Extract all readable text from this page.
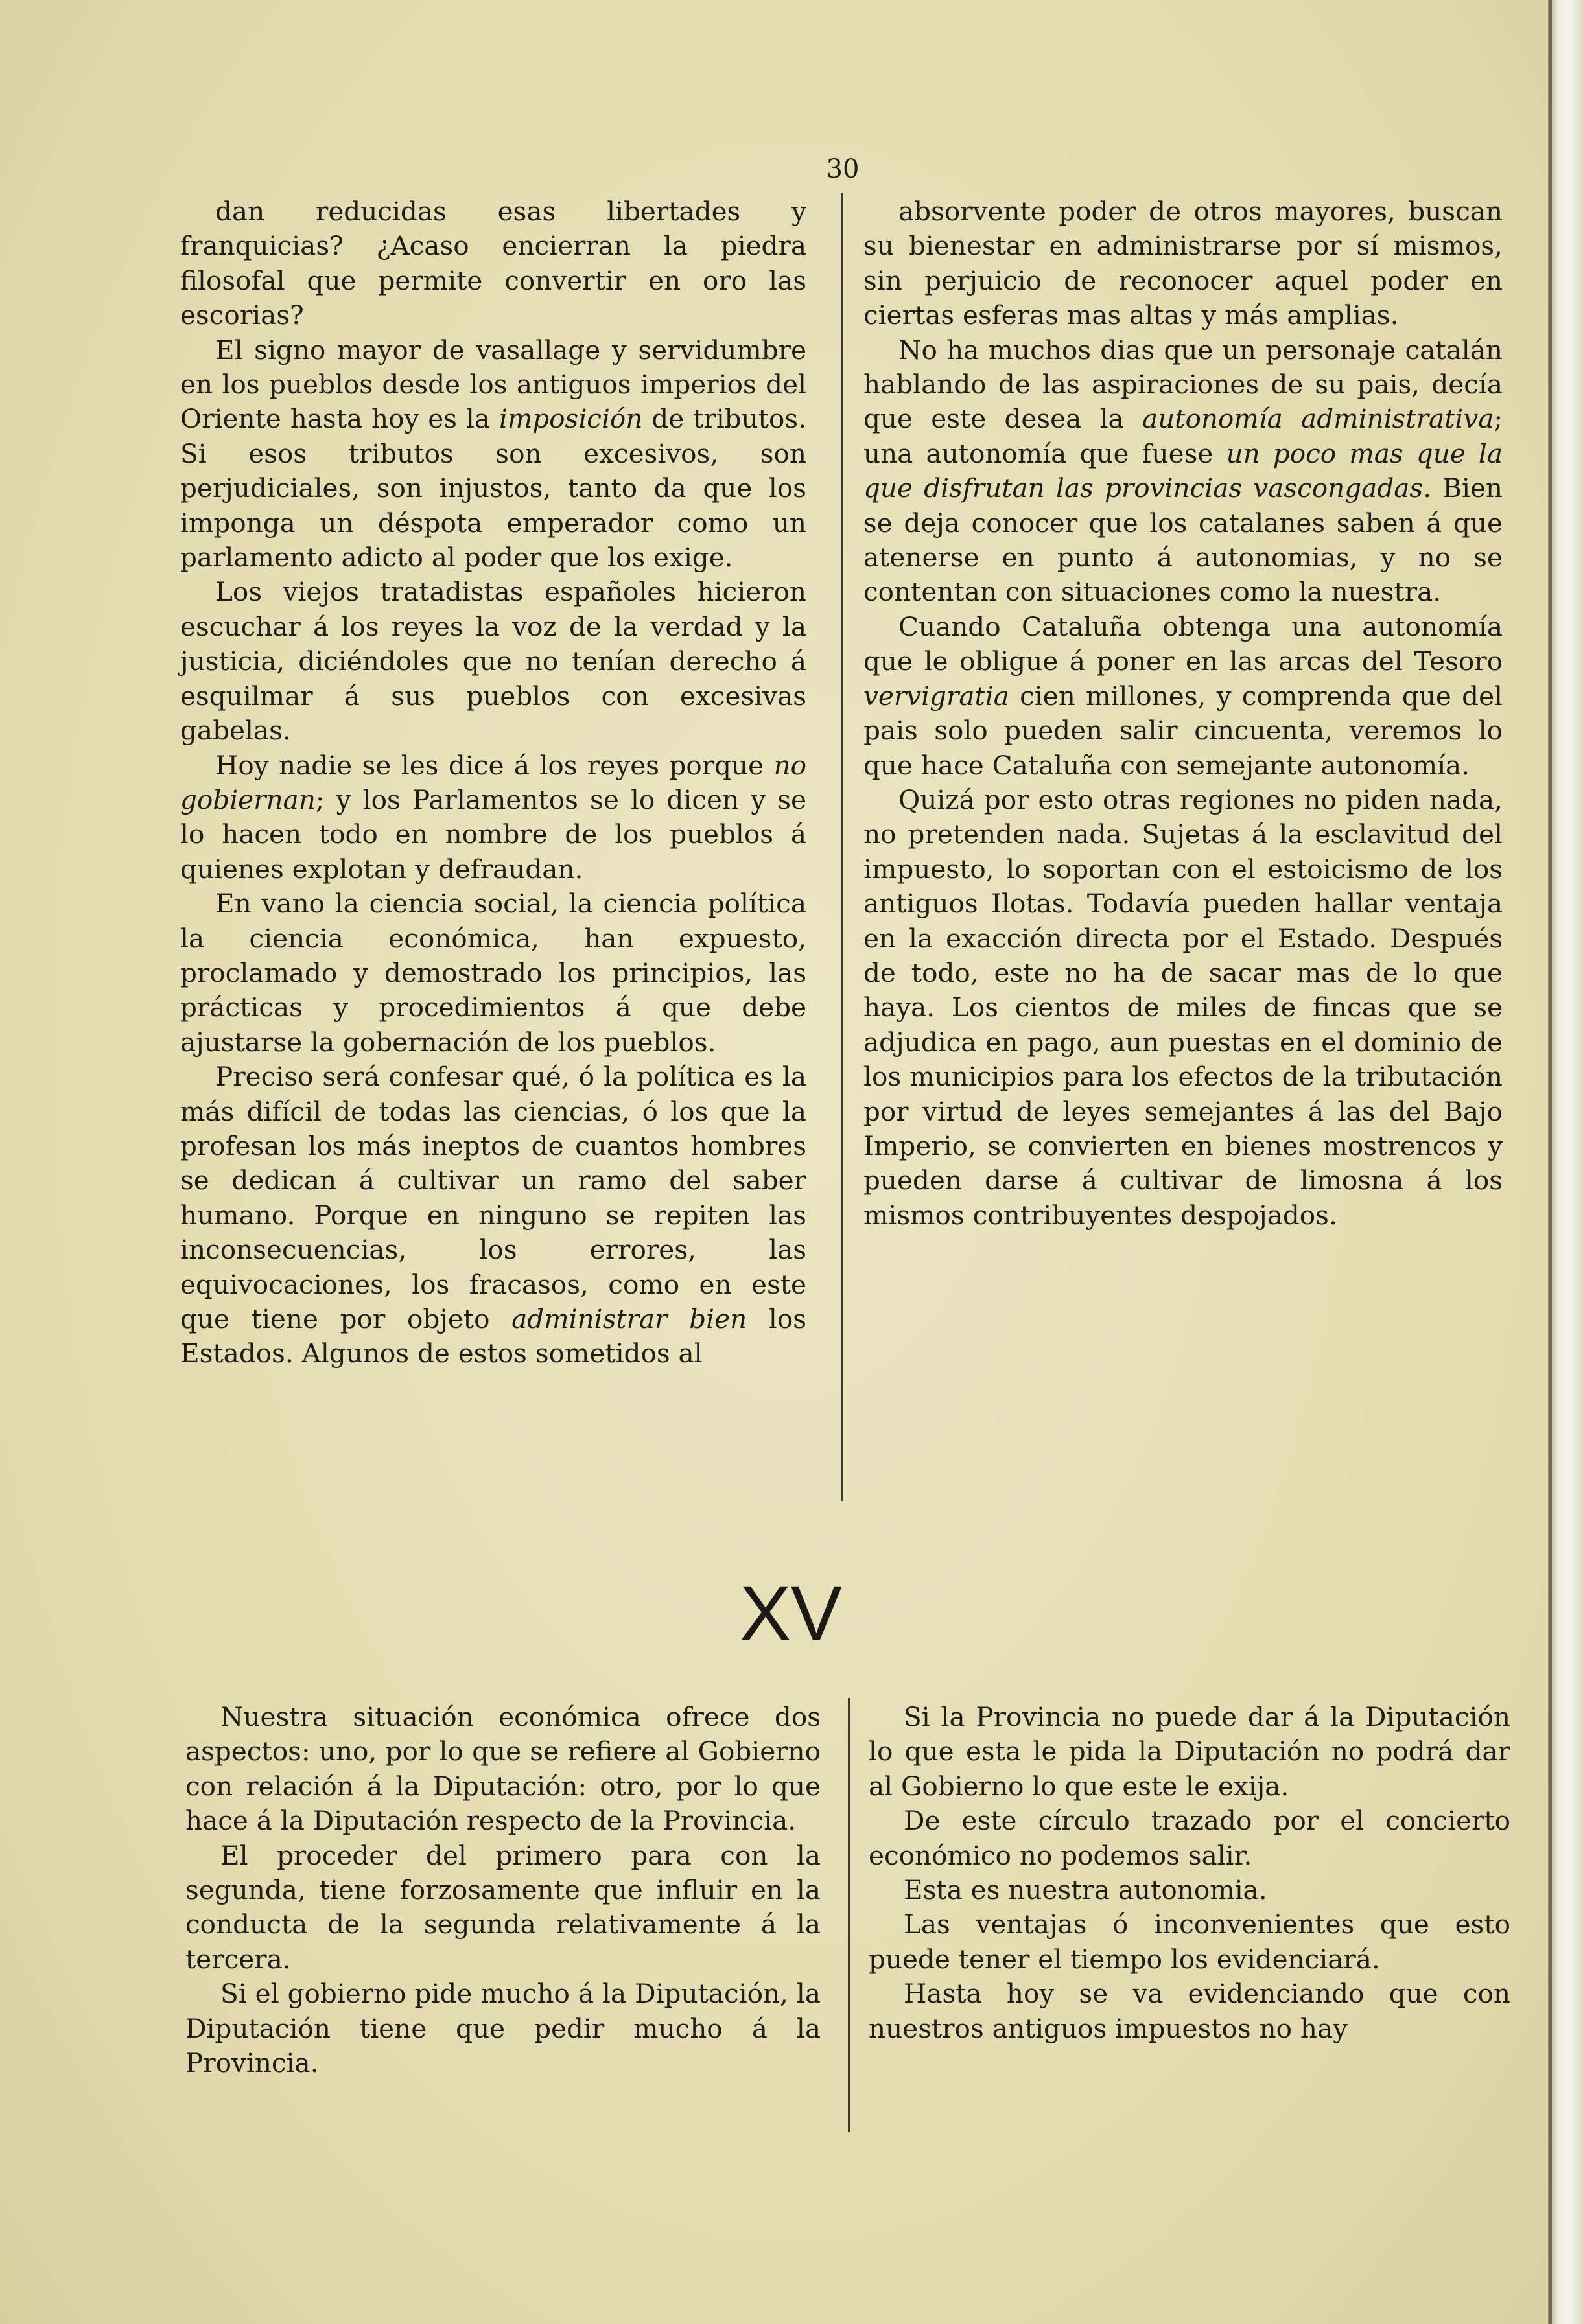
30

dan reducidas esas libertades y franquicias? ¿Acaso encierran la piedra filosofal que permite convertir en oro las escorias?

El signo mayor de vasallage y servidumbre en los pueblos desde los antiguos imperios del Oriente hasta hoy es la imposición de tributos. Si esos tributos son excesivos, son perjudiciales, son injustos, tanto da que los imponga un déspota emperador como un parlamento adicto al poder que los exige.

Los viejos tratadistas españoles hicieron escuchar á los reyes la voz de la verdad y la justicia, diciéndoles que no tenían derecho á esquilmar á sus pueblos con excesivas gabelas.

Hoy nadie se les dice á los reyes porque no gobiernan; y los Parlamentos se lo dicen y se lo hacen todo en nombre de los pueblos á quienes explotan y defraudan.

En vano la ciencia social, la ciencia política la ciencia económica, han expuesto, proclamado y demostrado los principios, las prácticas y procedimientos á que debe ajustarse la gobernación de los pueblos.

Preciso será confesar qué, ó la política es la más difícil de todas las ciencias, ó los que la profesan los más ineptos de cuantos hombres se dedican á cultivar un ramo del saber humano. Porque en ninguno se repiten las inconsecuencias, los errores, las equivocaciones, los fracasos, como en este que tiene por objeto administrar bien los Estados. Algunos de estos sometidos al

absorvente poder de otros mayores, buscan su bienestar en administrarse por sí mismos, sin perjuicio de reconocer aquel poder en ciertas esferas mas altas y más amplias.

No ha muchos dias que un personaje catalán hablando de las aspiraciones de su pais, decía que este desea la autonomía administrativa; una autonomía que fuese un poco mas que la que disfrutan las provincias vascongadas. Bien se deja conocer que los catalanes saben á que atenerse en punto á autonomias, y no se contentan con situaciones como la nuestra.

Cuando Cataluña obtenga una autonomía que le obligue á poner en las arcas del Tesoro vervigratia cien millones, y comprenda que del pais solo pueden salir cincuenta, veremos lo que hace Cataluña con semejante autonomía.

Quizá por esto otras regiones no piden nada, no pretenden nada. Sujetas á la esclavitud del impuesto, lo soportan con el estoicismo de los antiguos Ilotas. Todavía pueden hallar ventaja en la exacción directa por el Estado. Después de todo, este no ha de sacar mas de lo que haya. Los cientos de miles de fincas que se adjudica en pago, aun puestas en el dominio de los municipios para los efectos de la tributación por virtud de leyes semejantes á las del Bajo Imperio, se convierten en bienes mostrencos y pueden darse á cultivar de limosna á los mismos contribuyentes despojados.

XV

Nuestra situación económica ofrece dos aspectos: uno, por lo que se refiere al Gobierno con relación á la Diputación: otro, por lo que hace á la Diputación respecto de la Provincia.

El proceder del primero para con la segunda, tiene forzosamente que influir en la conducta de la segunda relativamente á la tercera.

Si el gobierno pide mucho á la Diputación, la Diputación tiene que pedir mucho á la Provincia.

Si la Provincia no puede dar á la Diputación lo que esta le pida la Diputación no podrá dar al Gobierno lo que este le exija.

De este círculo trazado por el concierto económico no podemos salir.

Esta es nuestra autonomia.

Las ventajas ó inconvenientes que esto puede tener el tiempo los evidenciará.

Hasta hoy se va evidenciando que con nuestros antiguos impuestos no hay
